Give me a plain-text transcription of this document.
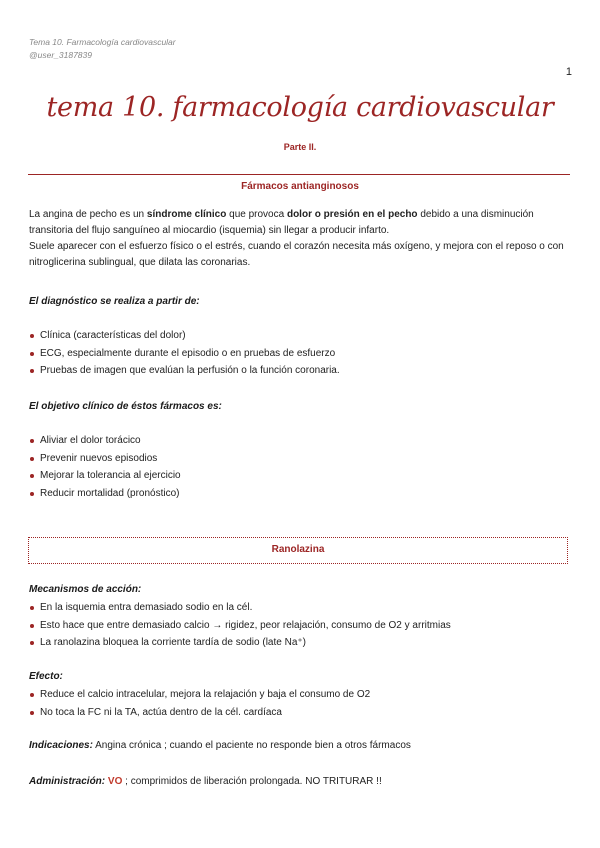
Tema 10. Farmacología cardiovascular
@user_3187839
1
tema 10. farmacología cardiovascular
Parte II.
Fármacos antianginosos
La angina de pecho es un síndrome clínico que provoca dolor o presión en el pecho debido a una disminución transitoria del flujo sanguíneo al miocardio (isquemia) sin llegar a producir infarto.
Suele aparecer con el esfuerzo físico o el estrés, cuando el corazón necesita más oxígeno, y mejora con el reposo o con nitroglicerina sublingual, que dilata las coronarias.
El diagnóstico se realiza a partir de:
Clínica (características del dolor)
ECG, especialmente durante el episodio o en pruebas de esfuerzo
Pruebas de imagen que evalúan la perfusión o la función coronaria.
El objetivo clínico de éstos fármacos es:
Aliviar el dolor torácico
Prevenir nuevos episodios
Mejorar la tolerancia al ejercicio
Reducir mortalidad (pronóstico)
Ranolazina
Mecanismos de acción:
En la isquemia entra demasiado sodio en la cél.
Esto hace que entre demasiado calcio → rigidez, peor relajación, consumo de O2 y arritmias
La ranolazina bloquea la corriente tardía de sodio (late Na⁺)
Efecto:
Reduce el calcio intracelular, mejora la relajación y baja el consumo de O2
No toca la FC ni la TA, actúa dentro de la cél. cardíaca
Indicaciones: Angina crónica ; cuando el paciente no responde bien a otros fármacos
Administración: VO ; comprimidos de liberación prolongada. NO TRITURAR !!
